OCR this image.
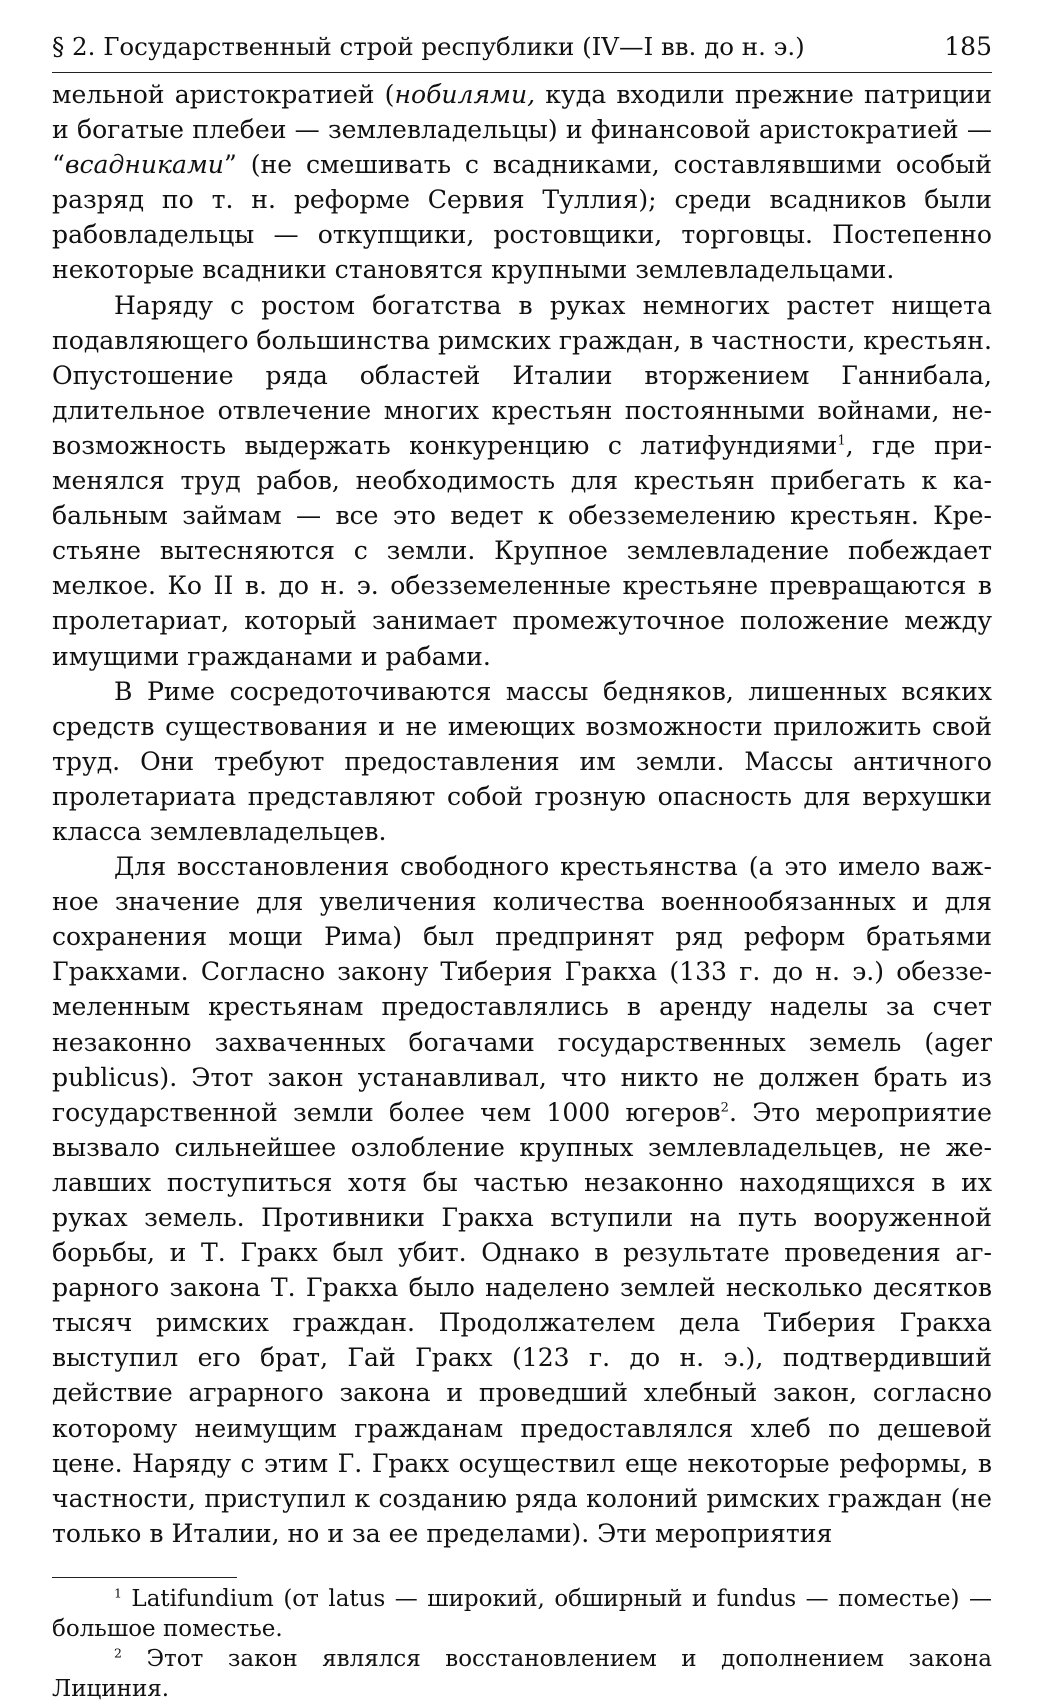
§ 2. Государственный строй республики (IV—I вв. до н. э.)	185

мельной аристократией (нобилями, куда входили прежние патриции и богатые плебеи — землевладельцы) и финансовой аристократией — “всадниками” (не смешивать с всадниками, составлявшими особый разряд по т. н. реформе Сервия Туллия); среди всадников были рабовладельцы — откупщики, ростовщики, торговцы. Постепенно некоторые всадники становятся крупными землевладельцами.

Наряду с ростом богатства в руках немногих растет нищета подавляющего большинства римских граждан, в частности, крестьян. Опустошение ряда областей Италии вторжением Ганнибала, длительное отвлечение многих крестьян постоянными войнами, невозможность выдержать конкуренцию с латифундиями$^1$, где применялся труд рабов, необходимость для крестьян прибегать к кабальным займам — все это ведет к обезземелению крестьян. Крестьяне вытесняются с земли. Крупное землевладение побеждает мелкое. Ко II в. до н. э. обезземеленные крестьяне превращаются в пролетариат, который занимает промежуточное положение между имущими гражданами и рабами.

В Риме сосредоточиваются массы бедняков, лишенных всяких средств существования и не имеющих возможности приложить свой труд. Они требуют предоставления им земли. Массы античного пролетариата представляют собой грозную опасность для верхушки класса землевладельцев.

Для восстановления свободного крестьянства (а это имело важное значение для увеличения количества военнообязанных и для сохранения мощи Рима) был предпринят ряд реформ братьями Гракхами. Согласно закону Тиберия Гракха (133 г. до н. э.) обезземеленным крестьянам предоставлялись в аренду наделы за счет незаконно захваченных богачами государственных земель (ager publicus). Этот закон устанавливал, что никто не должен брать из государственной земли более чем 1000 югеров$^2$. Это мероприятие вызвало сильнейшее озлобление крупных землевладельцев, не желавших поступиться хотя бы частью незаконно находящихся в их руках земель. Противники Гракха вступили на путь вооруженной борьбы, и Т. Гракх был убит. Однако в результате проведения аграрного закона Т. Гракха было наделено землей несколько десятков тысяч римских граждан. Продолжателем дела Тиберия Гракха выступил его брат, Гай Гракх (123 г. до н. э.), подтвердивший действие аграрного закона и проведший хлебный закон, согласно которому неимущим гражданам предоставлялся хлеб по дешевой цене. Наряду с этим Г. Гракх осуществил еще некоторые реформы, в частности, приступил к созданию ряда колоний римских граждан (не только в Италии, но и за ее пределами). Эти мероприятия

$^1$ Latifundium (от latus — широкий, обширный и fundus — поместье) — большое поместье.

$^2$ Этот закон являлся восстановлением и дополнением закона Лициния.
